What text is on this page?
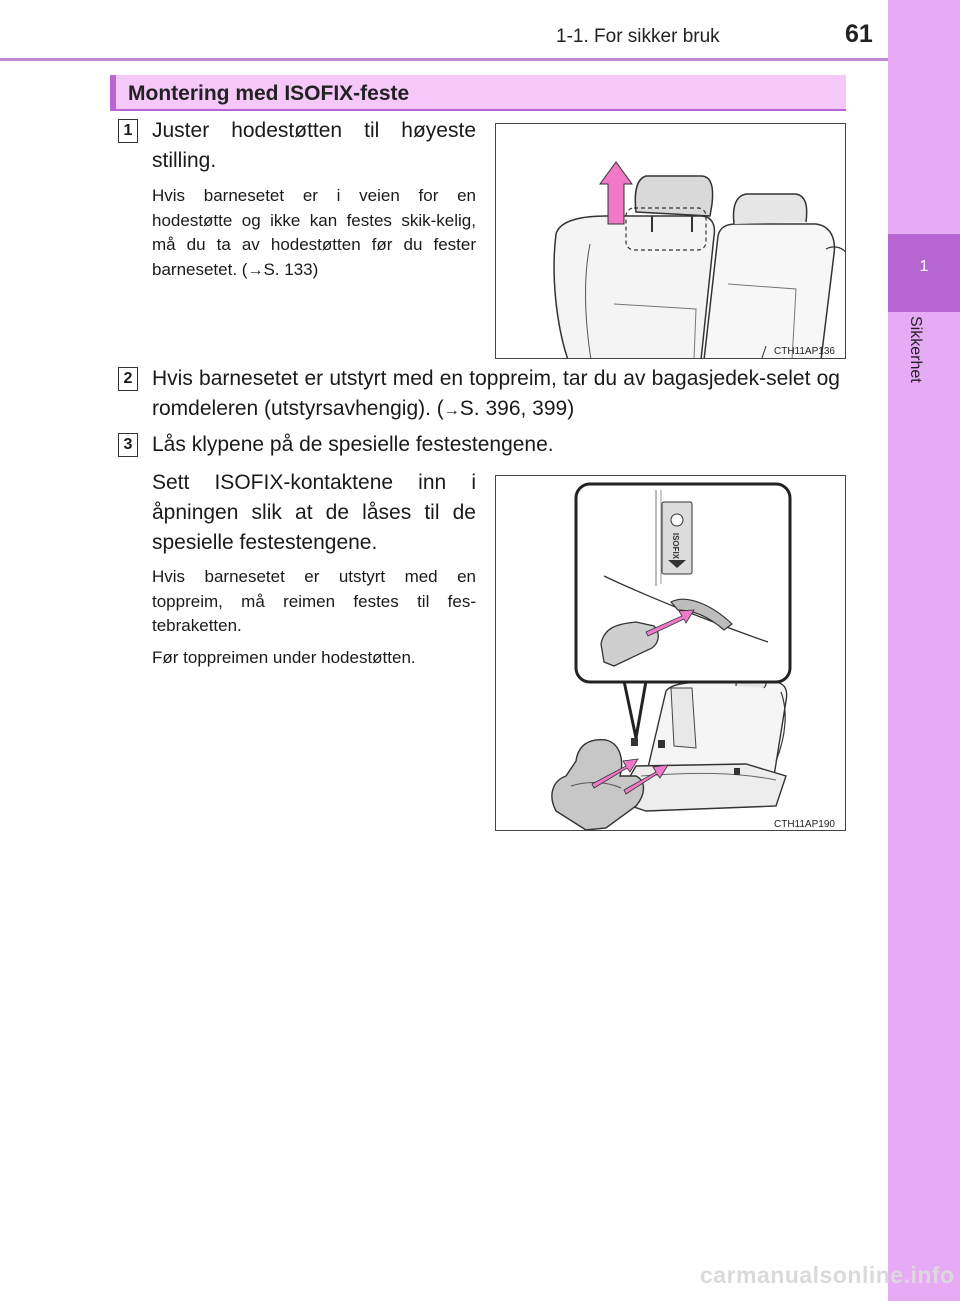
1-1. For sikker bruk	61
1
Sikkerhet
Montering med ISOFIX-feste
1 Juster hodestøtten til høyeste stilling.
Hvis barnesetet er i veien for en hodestøtte og ikke kan festes skik-kelig, må du ta av hodestøtten før du fester barnesetet. (→S. 133)
CTH11AP136
2 Hvis barnesetet er utstyrt med en toppreim, tar du av bagasjedek-selet og romdeleren (utstyrsavhengig). (→S. 396, 399)
3 Lås klypene på de spesielle festestengene.
Sett ISOFIX-kontaktene inn i åpningen slik at de låses til de spesielle festestengene.
Hvis barnesetet er utstyrt med en toppreim, må reimen festes til fes-tebraketten.
Før toppreimen under hodestøtten.
ISOFIX
CTH11AP190
carmanualsonline.info
